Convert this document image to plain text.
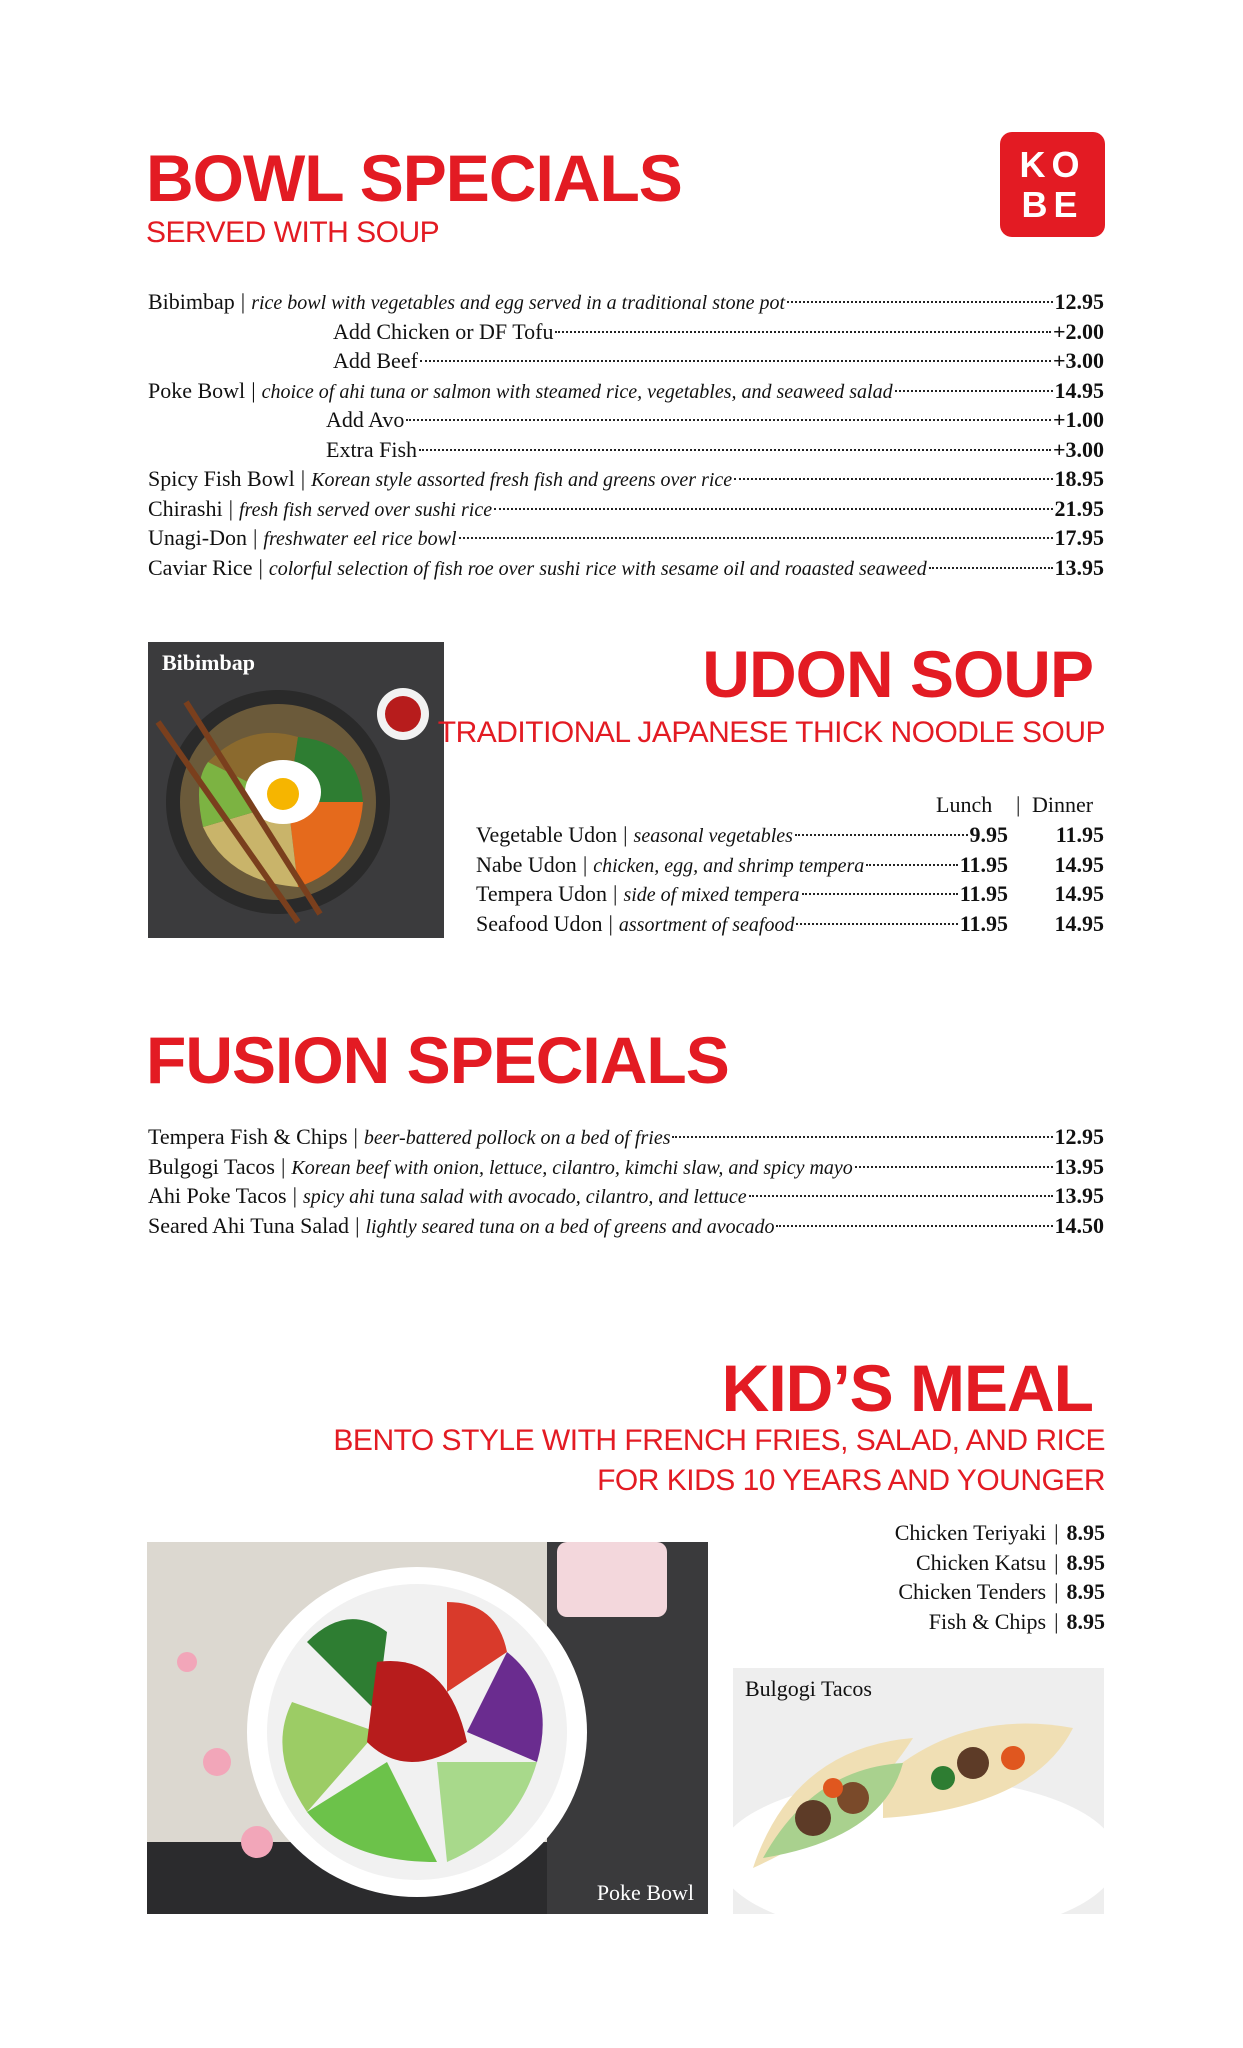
KO
BE
BOWL SPECIALS
SERVED WITH SOUP
Bibimbap | rice bowl with vegetables and egg served in a traditional stone pot	12.95
Add Chicken or DF Tofu	+2.00
Add Beef	+3.00
Poke Bowl | choice of ahi tuna or salmon with steamed rice, vegetables, and seaweed salad	14.95
Add Avo	+1.00
Extra Fish	+3.00
Spicy Fish Bowl | Korean style assorted fresh fish and greens over rice	18.95
Chirashi | fresh fish served over sushi rice	21.95
Unagi-Don | freshwater eel rice bowl	17.95
Caviar Rice | colorful selection of fish roe over sushi rice with sesame oil and roaasted seaweed	13.95
Bibimbap	UDON SOUP
TRADITIONAL JAPANESE THICK NOODLE SOUP
Lunch | Dinner
Vegetable Udon | seasonal vegetables	9.95	11.95
Nabe Udon | chicken, egg, and shrimp tempera	11.95	14.95
Tempera Udon | side of mixed tempera	11.95	14.95
Seafood Udon | assortment of seafood	11.95	14.95
FUSION SPECIALS
Tempera Fish & Chips | beer-battered pollock on a bed of fries	12.95
Bulgogi Tacos | Korean beef with onion, lettuce, cilantro, kimchi slaw, and spicy mayo	13.95
Ahi Poke Tacos | spicy ahi tuna salad with avocado, cilantro, and lettuce	13.95
Seared Ahi Tuna Salad | lightly seared tuna on a bed of greens and avocado	14.50
KID’S MEAL
BENTO STYLE WITH FRENCH FRIES, SALAD, AND RICE
FOR KIDS 10 YEARS AND YOUNGER
Chicken Teriyaki | 8.95
Chicken Katsu | 8.95
Chicken Tenders | 8.95
Fish & Chips | 8.95
Poke Bowl
Bulgogi Tacos
